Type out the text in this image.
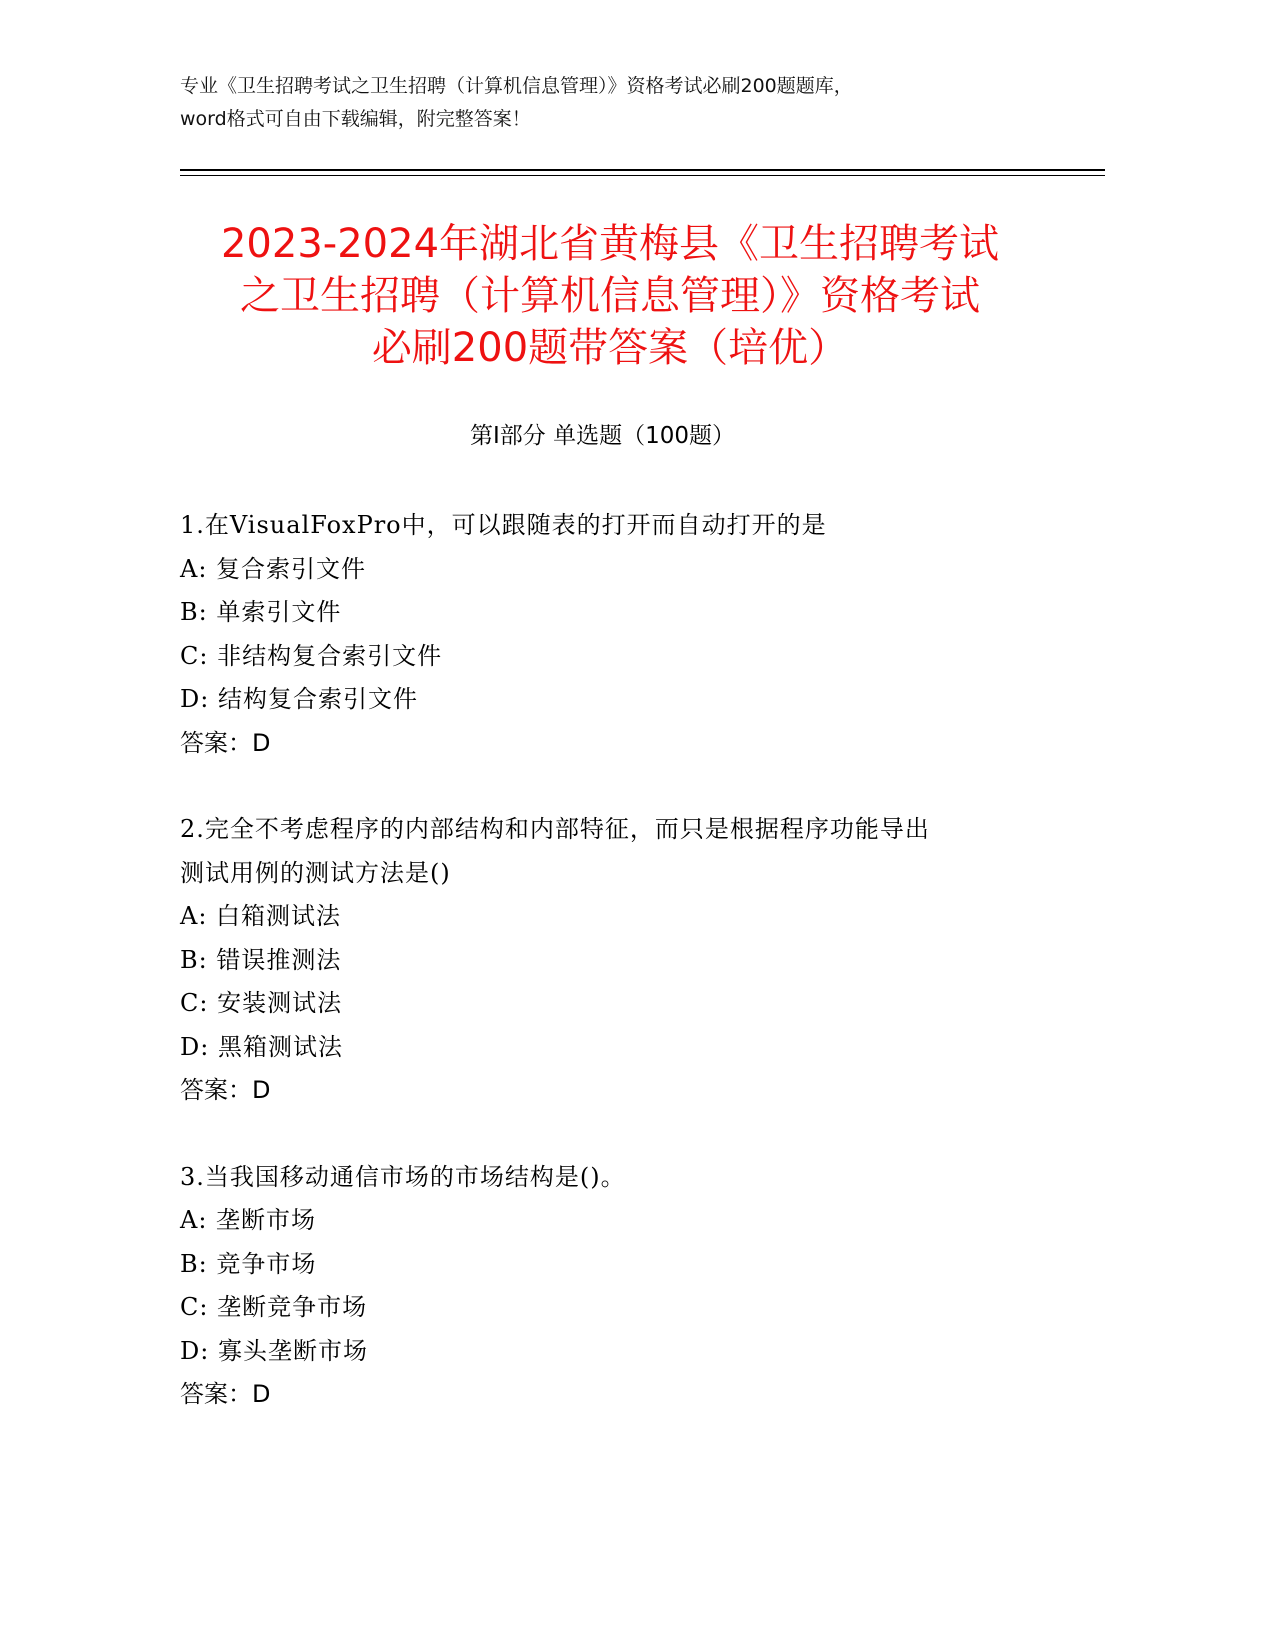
专业《卫生招聘考试之卫生招聘（计算机信息管理）》资格考试必刷200题题库，
word格式可自由下载编辑，附完整答案！
2023-2024年湖北省黄梅县《卫生招聘考试
之卫生招聘（计算机信息管理）》资格考试
必刷200题带答案（培优）
第Ⅰ部分 单选题（100题）

1.在VisualFoxPro中，可以跟随表的打开而自动打开的是

A: 复合索引文件

B: 单索引文件

C: 非结构复合索引文件

D: 结构复合索引文件

答案：D

2.完全不考虑程序的内部结构和内部特征，而只是根据程序功能导出

测试用例的测试方法是()

A: 白箱测试法

B: 错误推测法

C: 安装测试法

D: 黑箱测试法

答案：D

3.当我国移动通信市场的市场结构是()。

A: 垄断市场

B: 竞争市场

C: 垄断竞争市场

D: 寡头垄断市场

答案：D
